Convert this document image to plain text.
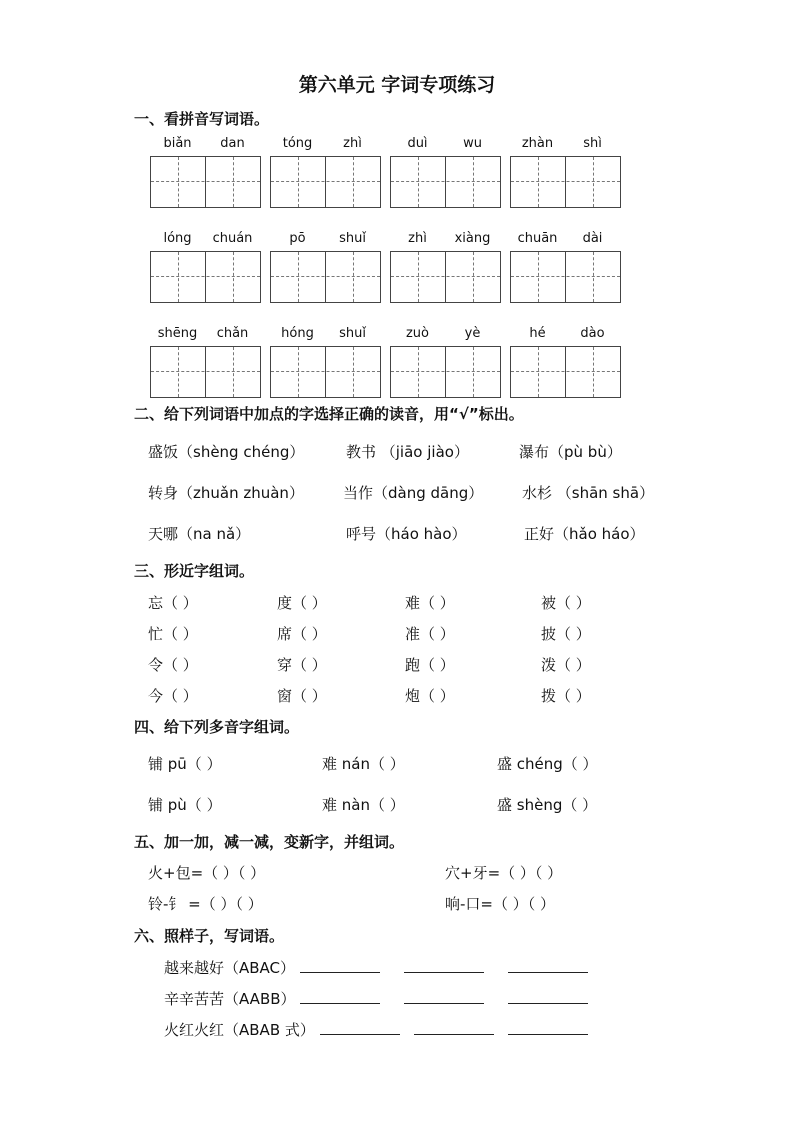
第六单元 字词专项练习
一、看拼音写词语。
biǎn	dan	tóng	zhì	duì	wu	zhàn	shì
lóng	chuán	pō	shuǐ	zhì	xiàng	chuān	dài
shēng	chǎn	hóng	shuǐ	zuò	yè	hé	dào
二、给下列词语中加点的字选择正确的读音，用“√”标出。
盛饭（shèng chéng）	教书 （jiāo jiào）	瀑布（pù bù）
转身（zhuǎn zhuàn）	当作（dàng dāng）	水杉 （shān shā）
天哪（na nǎ）	呼号（háo hào）	正好（hǎo háo）
三、形近字组词。
忘（ ）	度（ ）	难（ ）	被（ ）
忙（ ）	席（ ）	准（ ）	披（ ）
令（ ）	穿（ ）	跑（ ）	泼（ ）
今（ ）	窗（ ）	炮（ ）	拨（ ）
四、给下列多音字组词。
铺 pū（ ）	难 nán（ ）	盛 chéng（ ）
铺 pù（ ）	难 nàn（ ）	盛 shèng（ ）
五、加一加，减一减，变新字，并组词。
火+包=（ ）（ ）	穴+牙=（ ）（ ）
铃-钅 =（ ）（ ）	响-口=（ ）（ ）
六、照样子，写词语。
越来越好（ABAC）
辛辛苦苦（AABB）
火红火红（ABAB 式）
